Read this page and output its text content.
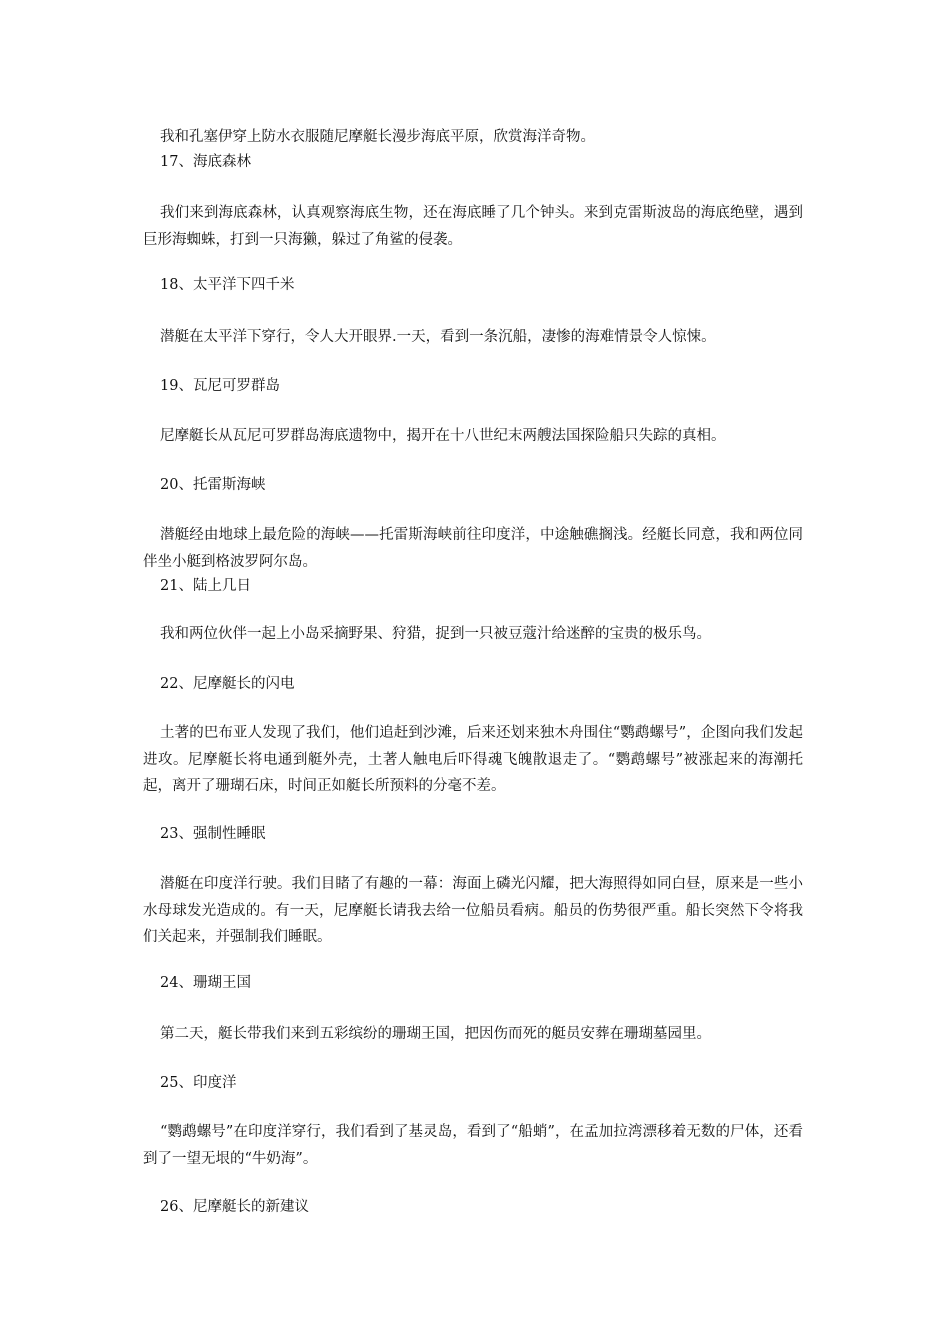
我和孔塞伊穿上防水衣服随尼摩艇长漫步海底平原，欣赏海洋奇物。
17、海底森林
我们来到海底森林，认真观察海底生物，还在海底睡了几个钟头。来到克雷斯波岛的海底绝壁，遇到巨形海蜘蛛，打到一只海獭，躲过了角鲨的侵袭。
18、太平洋下四千米
潜艇在太平洋下穿行，令人大开眼界.一天，看到一条沉船，凄惨的海难情景令人惊悚。
19、瓦尼可罗群岛
尼摩艇长从瓦尼可罗群岛海底遗物中，揭开在十八世纪末两艘法国探险船只失踪的真相。
20、托雷斯海峡
潜艇经由地球上最危险的海峡——托雷斯海峡前往印度洋，中途触礁搁浅。经艇长同意，我和两位同伴坐小艇到格波罗阿尔岛。
21、陆上几日
我和两位伙伴一起上小岛采摘野果、狩猎，捉到一只被豆蔻汁给迷醉的宝贵的极乐鸟。
22、尼摩艇长的闪电
土著的巴布亚人发现了我们，他们追赶到沙滩，后来还划来独木舟围住“鹦鹉螺号”，企图向我们发起进攻。尼摩艇长将电通到艇外壳，土著人触电后吓得魂飞魄散退走了。“鹦鹉螺号”被涨起来的海潮托起，离开了珊瑚石床，时间正如艇长所预料的分毫不差。
23、强制性睡眠
潜艇在印度洋行驶。我们目睹了有趣的一幕：海面上磷光闪耀，把大海照得如同白昼，原来是一些小水母球发光造成的。有一天，尼摩艇长请我去给一位船员看病。船员的伤势很严重。船长突然下令将我们关起来，并强制我们睡眠。
24、珊瑚王国
第二天，艇长带我们来到五彩缤纷的珊瑚王国，把因伤而死的艇员安葬在珊瑚墓园里。
25、印度洋
“鹦鹉螺号”在印度洋穿行，我们看到了基灵岛，看到了“船蛸”，在孟加拉湾漂移着无数的尸体，还看到了一望无垠的“牛奶海”。
26、尼摩艇长的新建议
